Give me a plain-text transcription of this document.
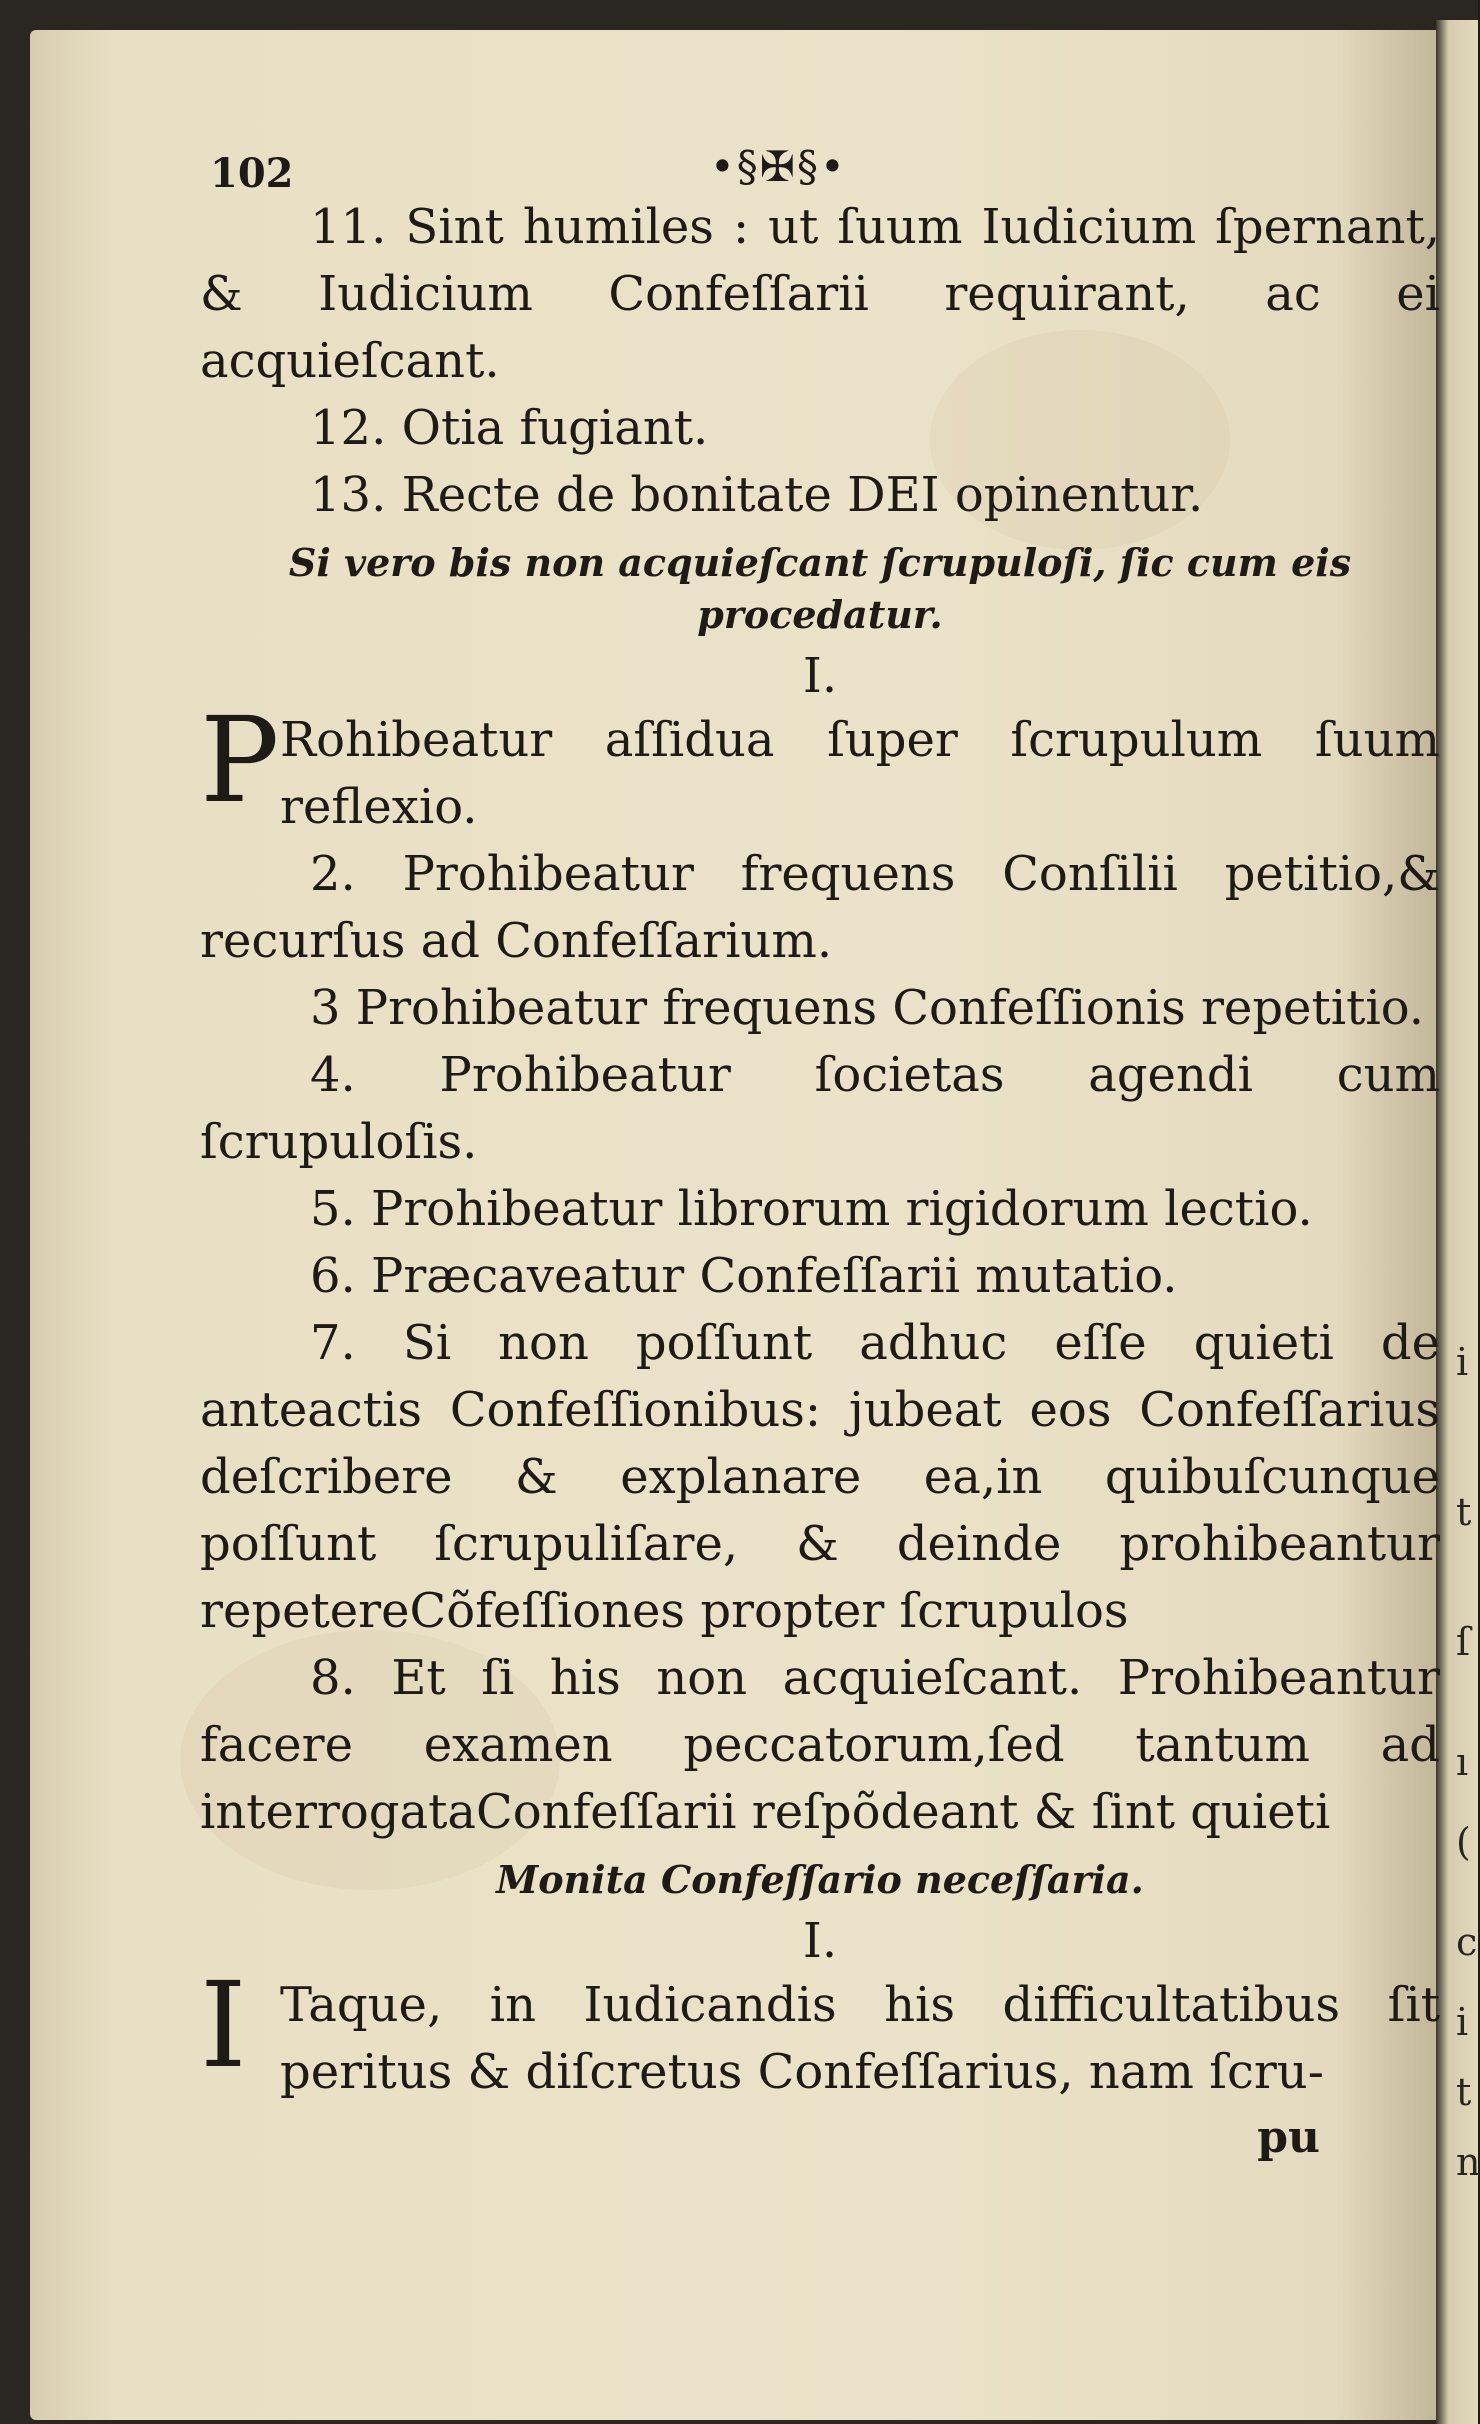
i
t
ſ
ı
(
c
i
t
n
102	•§✠§•

11. Sint humiles : ut ſuum Iudicium ſpernant, & Iudicium Confeſſarii requirant, ac ei acquieſcant.

12. Otia fugiant.

13. Recte de bonitate DEI opinentur.

Si vero bis non acquieſcant ſcrupuloſi, ſic cum eis procedatur.

I.

P Rohibeatur aſſidua ſuper ſcrupulum ſuum reflexio.

2. Prohibeatur frequens Conſilii petitio,& recurſus ad Confeſſarium.

3 Prohibeatur frequens Confeſſionis repetitio.

4. Prohibeatur ſocietas agendi cum ſcrupuloſis.

5. Prohibeatur librorum rigidorum lectio.

6. Præcaveatur Confeſſarii mutatio.

7. Si non poſſunt adhuc eſſe quieti de anteactis Confeſſionibus: jubeat eos Confeſſarius deſcribere & explanare ea,in quibuſcunque poſſunt ſcrupuliſare, & deinde prohibeantur repetereCõfeſſiones propter ſcrupulos

8. Et ſi his non acquieſcant. Prohibeantur facere examen peccatorum,ſed tantum ad interrogataConfeſſarii reſpõdeant & ſint quieti

Monita Confeſſario neceſſaria.

I.

I Taque, in Iudicandis his difficultatibus ſit peritus & diſcretus Confeſſarius, nam ſcru-

pu
